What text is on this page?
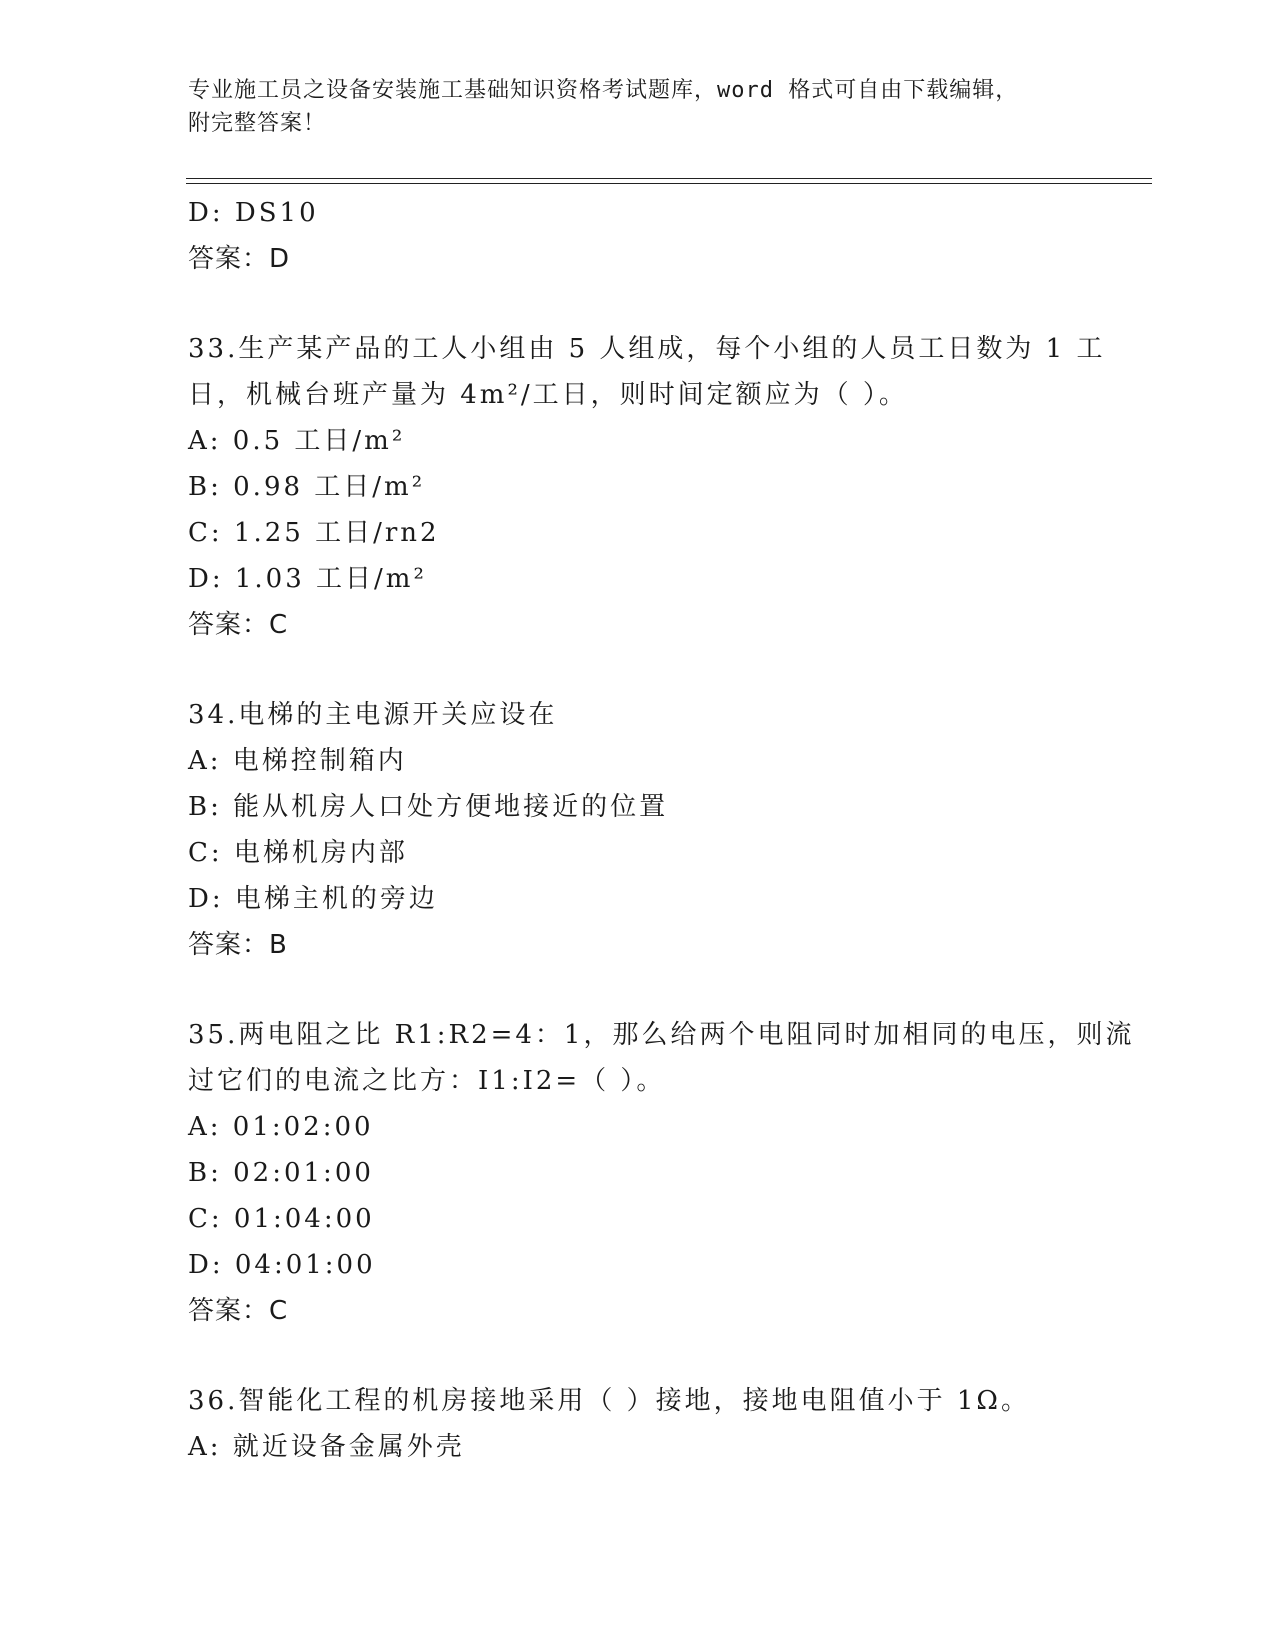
专业施工员之设备安装施工基础知识资格考试题库，word 格式可自由下载编辑，
附完整答案！
D: DS10
答案：D
33.生产某产品的工人小组由 5 人组成，每个小组的人员工日数为 1 工
日，机械台班产量为 4m²/工日，则时间定额应为（ ）。
A: 0.5 工日/m²
B: 0.98 工日/m²
C: 1.25 工日/rn2
D: 1.03 工日/m²
答案：C
34.电梯的主电源开关应设在
A: 电梯控制箱内
B: 能从机房人口处方便地接近的位置
C: 电梯机房内部
D: 电梯主机的旁边
答案：B
35.两电阻之比 R1:R2=4：1，那么给两个电阻同时加相同的电压，则流
过它们的电流之比方：I1:I2=（ ）。
A: 01:02:00
B: 02:01:00
C: 01:04:00
D: 04:01:00
答案：C
36.智能化工程的机房接地采用（ ）接地，接地电阻值小于 1Ω。
A: 就近设备金属外壳
